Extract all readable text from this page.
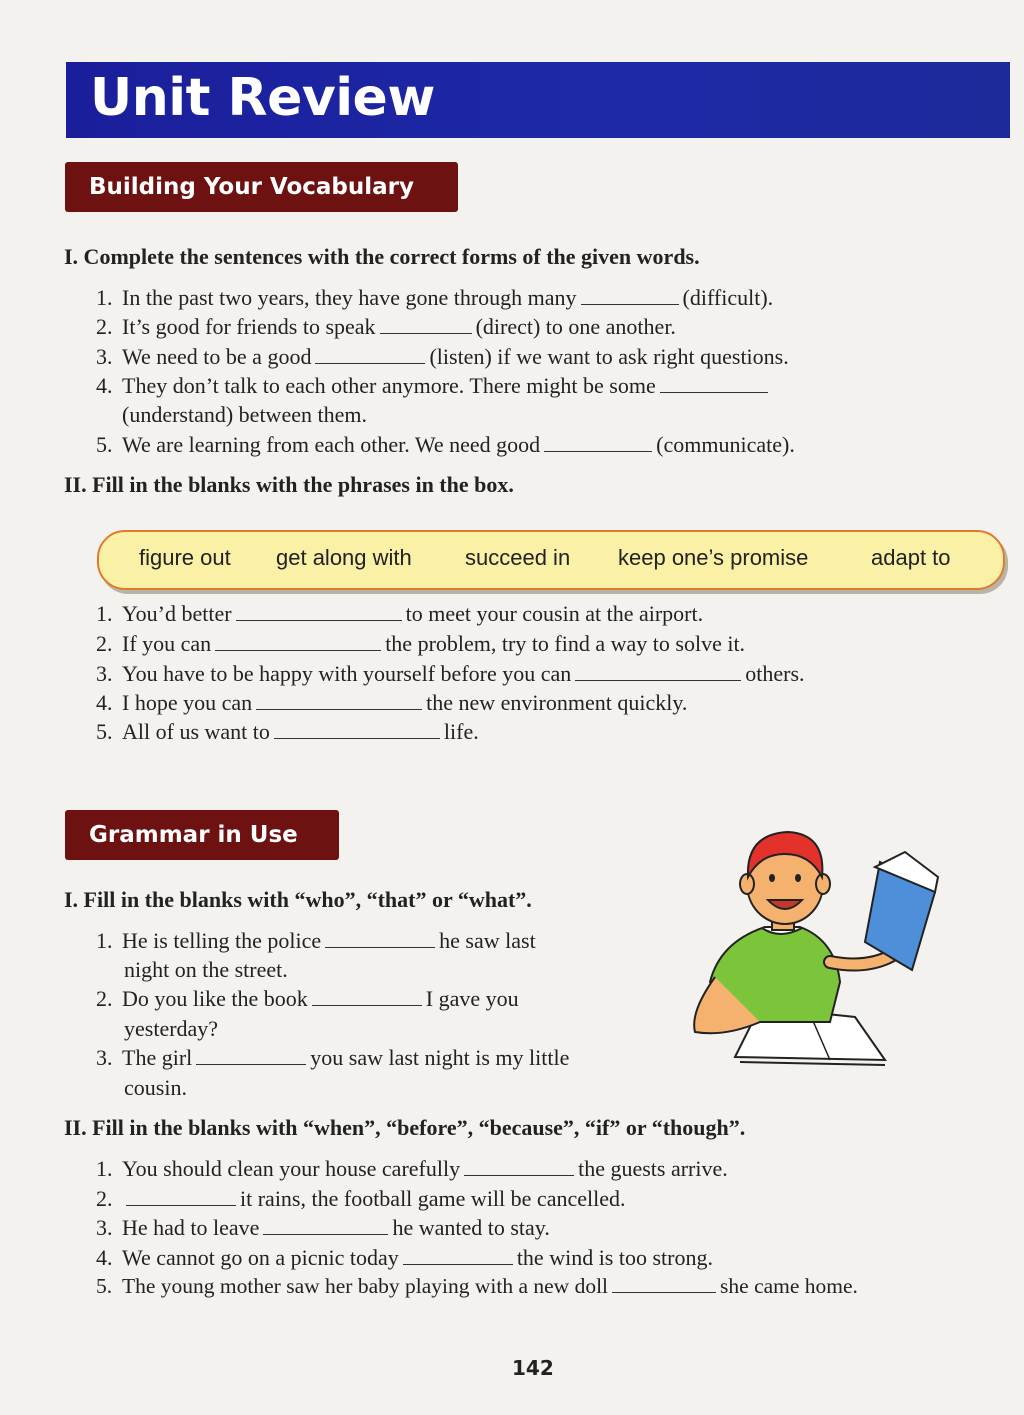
Unit Review
Building Your Vocabulary
I. Complete the sentences with the correct forms of the given words.
1. In the past two years, they have gone through many	(difficult).
2. It’s good for friends to speak	(direct) to one another.
3. We need to be a good	(listen) if we want to ask right questions.
4. They don’t talk to each other anymore. There might be some
(understand) between them.
5. We are learning from each other. We need good	(communicate).
II. Fill in the blanks with the phrases in the box.
figure out get along with succeed in keep one’s promise	adapt to
1. You’d better	to meet your cousin at the airport.
2. If you can	the problem, try to find a way to solve it.
3. You have to be happy with yourself before you can	others.
4. I hope you can	the new environment quickly.
5. All of us want to	life.
Grammar in Use
I. Fill in the blanks with “who”, “that” or “what”.
1. He is telling the police	he saw last
night on the street.
2. Do you like the book	I gave you
yesterday?
3. The girl	you saw last night is my little
cousin.
II. Fill in the blanks with “when”, “before”, “because”, “if” or “though”.
1. You should clean your house carefully	the guests arrive.
2.	it rains, the football game will be cancelled.
3. He had to leave	he wanted to stay.
4. We cannot go on a picnic today	the wind is too strong.
5. The young mother saw her baby playing with a new doll	she came home.
142
